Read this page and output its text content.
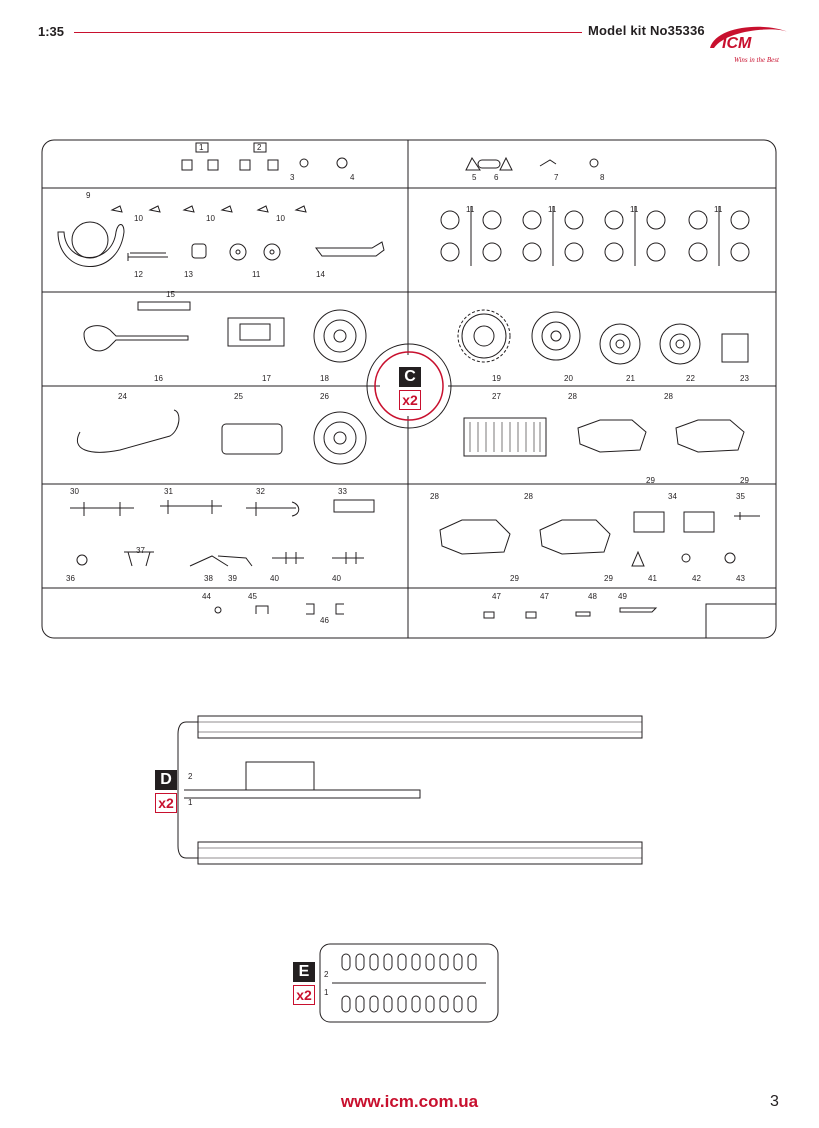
1:35	Model kit No35336
ICM
Wins in the Best
C
x2
D
x2
2
1
E
x2
2
1
1	2
3	4	5 6	7	8
9
10	10	10
11	11	11	11
12	13	11	14
15
16	17	18	19	20	21	22	23
24	25	26	27	28	28
30	31	32	33
28	28
29
34	35
29
36
37
38 39	40	40
44	45
46
29	29	41	42	43
47	47	48	49
www.icm.com.ua	3
